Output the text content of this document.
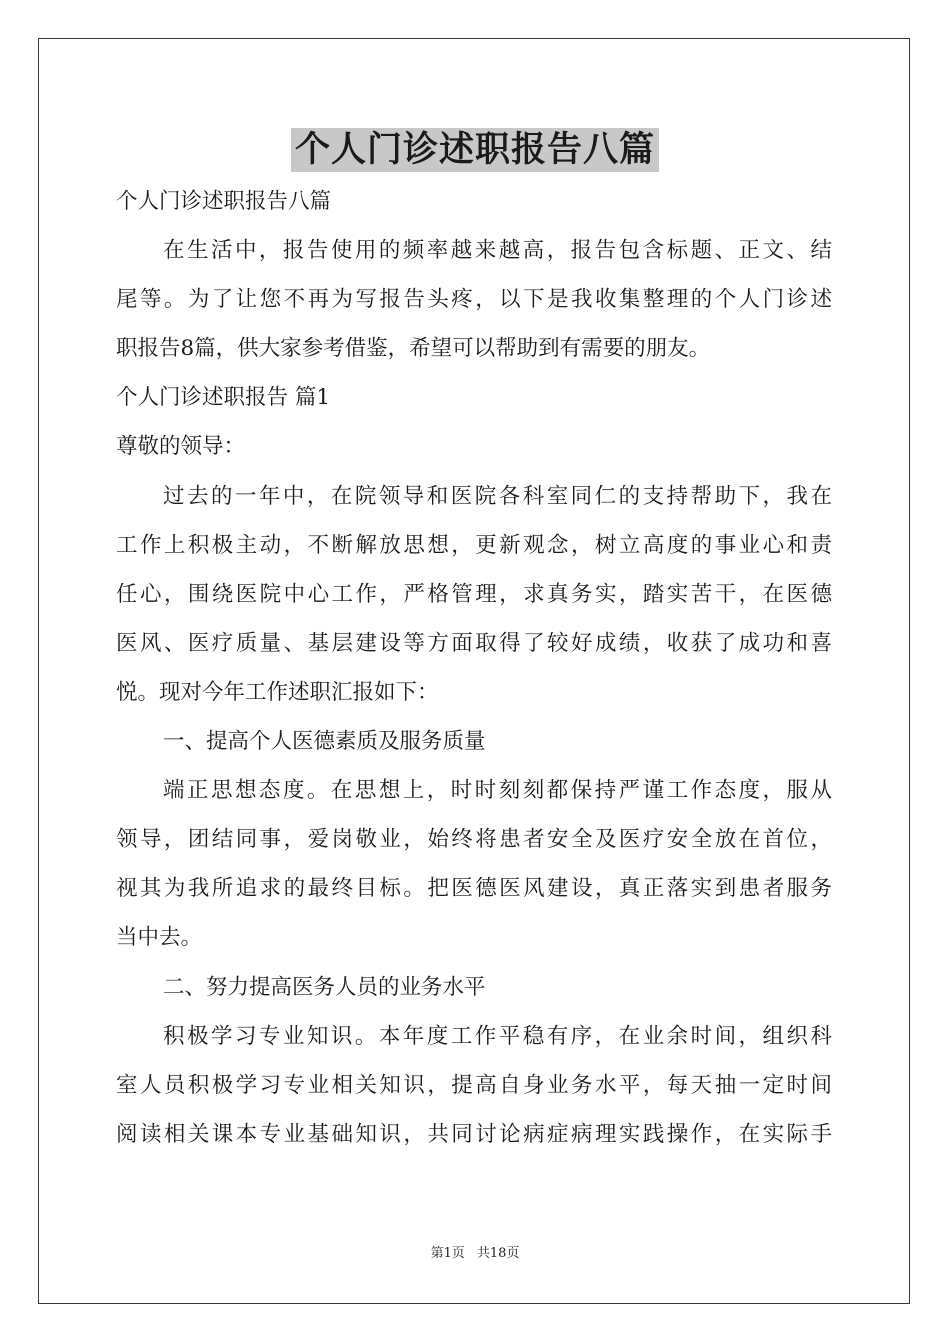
个人门诊述职报告八篇
个人门诊述职报告八篇
在生活中，报告使用的频率越来越高，报告包含标题、正文、结
尾等。为了让您不再为写报告头疼，以下是我收集整理的个人门诊述
职报告8篇，供大家参考借鉴，希望可以帮助到有需要的朋友。
个人门诊述职报告 篇1
尊敬的领导：
过去的一年中，在院领导和医院各科室同仁的支持帮助下，我在
工作上积极主动，不断解放思想，更新观念，树立高度的事业心和责
任心，围绕医院中心工作，严格管理，求真务实，踏实苦干，在医德
医风、医疗质量、基层建设等方面取得了较好成绩，收获了成功和喜
悦。现对今年工作述职汇报如下：
一、提高个人医德素质及服务质量
端正思想态度。在思想上，时时刻刻都保持严谨工作态度，服从
领导，团结同事，爱岗敬业，始终将患者安全及医疗安全放在首位，
视其为我所追求的最终目标。把医德医风建设，真正落实到患者服务
当中去。
二、努力提高医务人员的业务水平
积极学习专业知识。本年度工作平稳有序，在业余时间，组织科
室人员积极学习专业相关知识，提高自身业务水平，每天抽一定时间
阅读相关课本专业基础知识，共同讨论病症病理实践操作，在实际手
第1页 共18页
